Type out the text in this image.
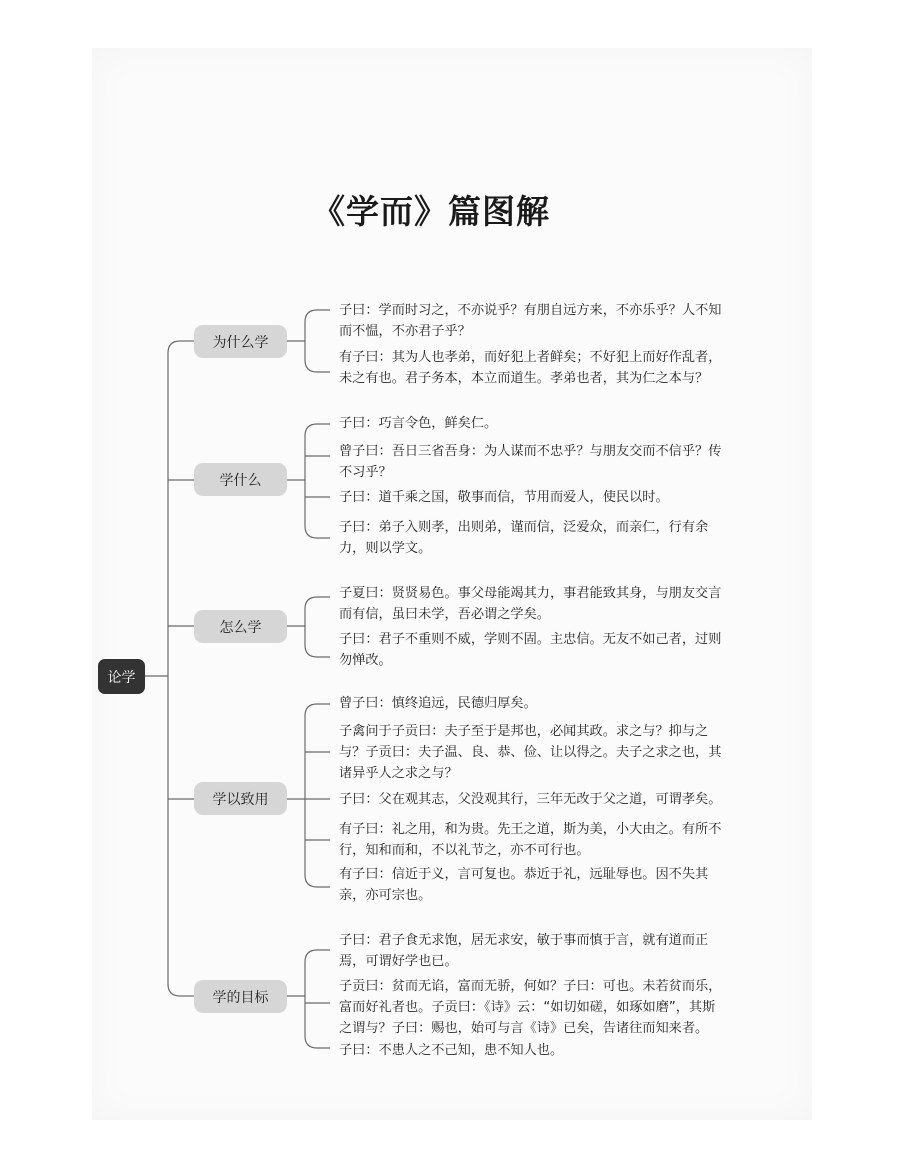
《学而》篇图解
论学
为什么学
学什么
怎么学
学以致用
学的目标
子曰：学而时习之，不亦说乎？有朋自远方来，不亦乐乎？人不知而不愠，不亦君子乎？
有子曰：其为人也孝弟，而好犯上者鲜矣；不好犯上而好作乱者，未之有也。君子务本，本立而道生。孝弟也者，其为仁之本与？
子曰：巧言令色，鲜矣仁。
曾子曰：吾日三省吾身：为人谋而不忠乎？与朋友交而不信乎？传不习乎？
子曰：道千乘之国，敬事而信，节用而爱人，使民以时。
子曰：弟子入则孝，出则弟，谨而信，泛爱众，而亲仁，行有余力，则以学文。
子夏曰：贤贤易色。事父母能竭其力，事君能致其身，与朋友交言而有信，虽曰未学，吾必谓之学矣。
子曰：君子不重则不威，学则不固。主忠信。无友不如己者，过则勿惮改。
曾子曰：慎终追远，民德归厚矣。
子禽问于子贡曰：夫子至于是邦也，必闻其政。求之与？抑与之与？子贡曰：夫子温、良、恭、俭、让以得之。夫子之求之也，其诸异乎人之求之与？
子曰：父在观其志，父没观其行，三年无改于父之道，可谓孝矣。
有子曰：礼之用，和为贵。先王之道，斯为美，小大由之。有所不行，知和而和，不以礼节之，亦不可行也。
有子曰：信近于义，言可复也。恭近于礼，远耻辱也。因不失其亲，亦可宗也。
子曰：君子食无求饱，居无求安，敏于事而慎于言，就有道而正焉，可谓好学也已。
子贡曰：贫而无谄，富而无骄，何如？子曰：可也。未若贫而乐，富而好礼者也。子贡曰：《诗》云：“如切如磋，如琢如磨”，其斯之谓与？子曰：赐也，始可与言《诗》已矣，告诸往而知来者。
子曰：不患人之不己知，患不知人也。
